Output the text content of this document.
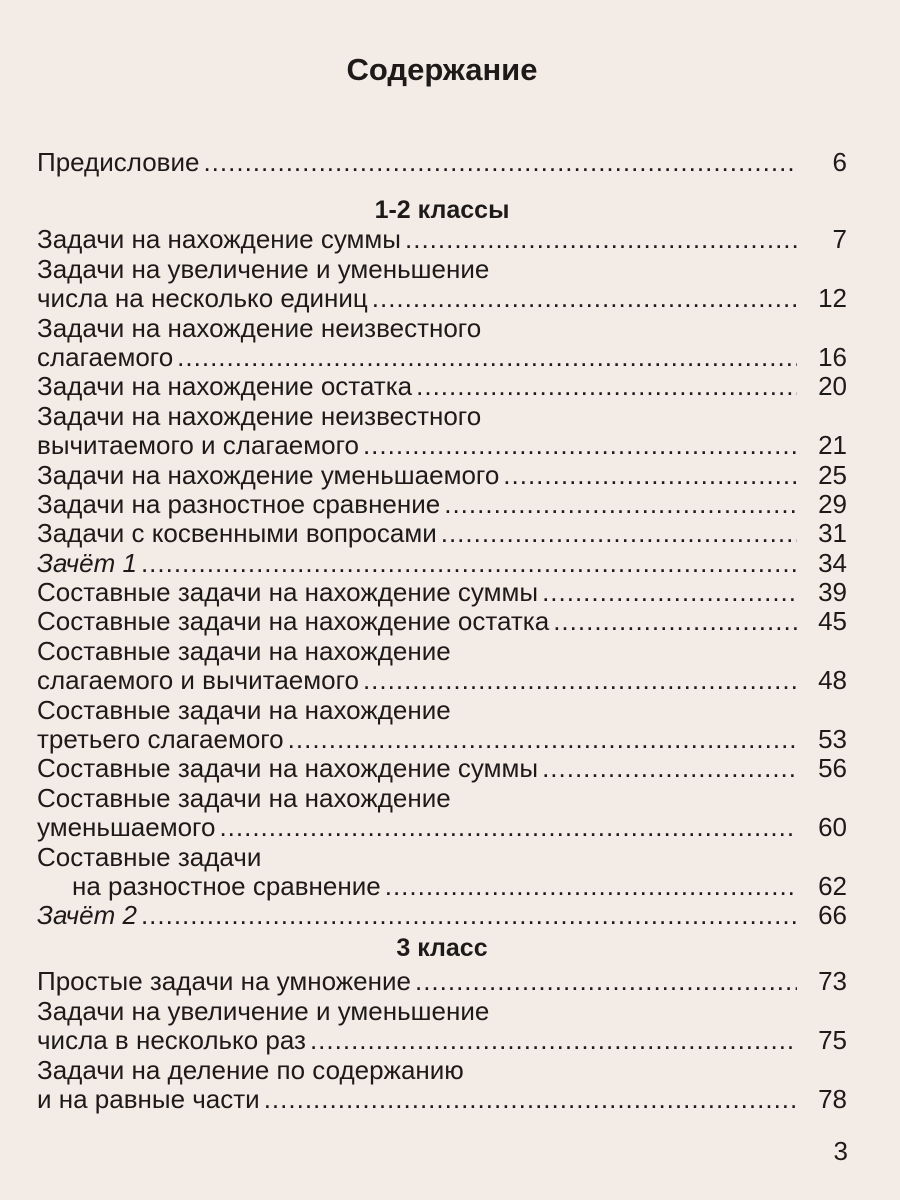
Содержание
Предисловие .....	6
1-2 классы
Задачи на нахождение суммы .....	7
Задачи на увеличение и уменьшение
числа на несколько единиц .....	12
Задачи на нахождение неизвестного
слагаемого .....	16
Задачи на нахождение остатка .....	20
Задачи на нахождение неизвестного
вычитаемого и слагаемого .....	21
Задачи на нахождение уменьшаемого .....	25
Задачи на разностное сравнение .....	29
Задачи с косвенными вопросами .....	31
Зачёт 1 .....	34
Составные задачи на нахождение суммы .....	39
Составные задачи на нахождение остатка .....	45
Составные задачи на нахождение
слагаемого и вычитаемого .....	48
Составные задачи на нахождение
третьего слагаемого .....	53
Составные задачи на нахождение суммы .....	56
Составные задачи на нахождение
уменьшаемого .....	60
Составные задачи
на разностное сравнение .....	62
Зачёт 2 .....	66
3 класс
Простые задачи на умножение .....	73
Задачи на увеличение и уменьшение
числа в несколько раз .....	75
Задачи на деление по содержанию
и на равные части .....	78
3
